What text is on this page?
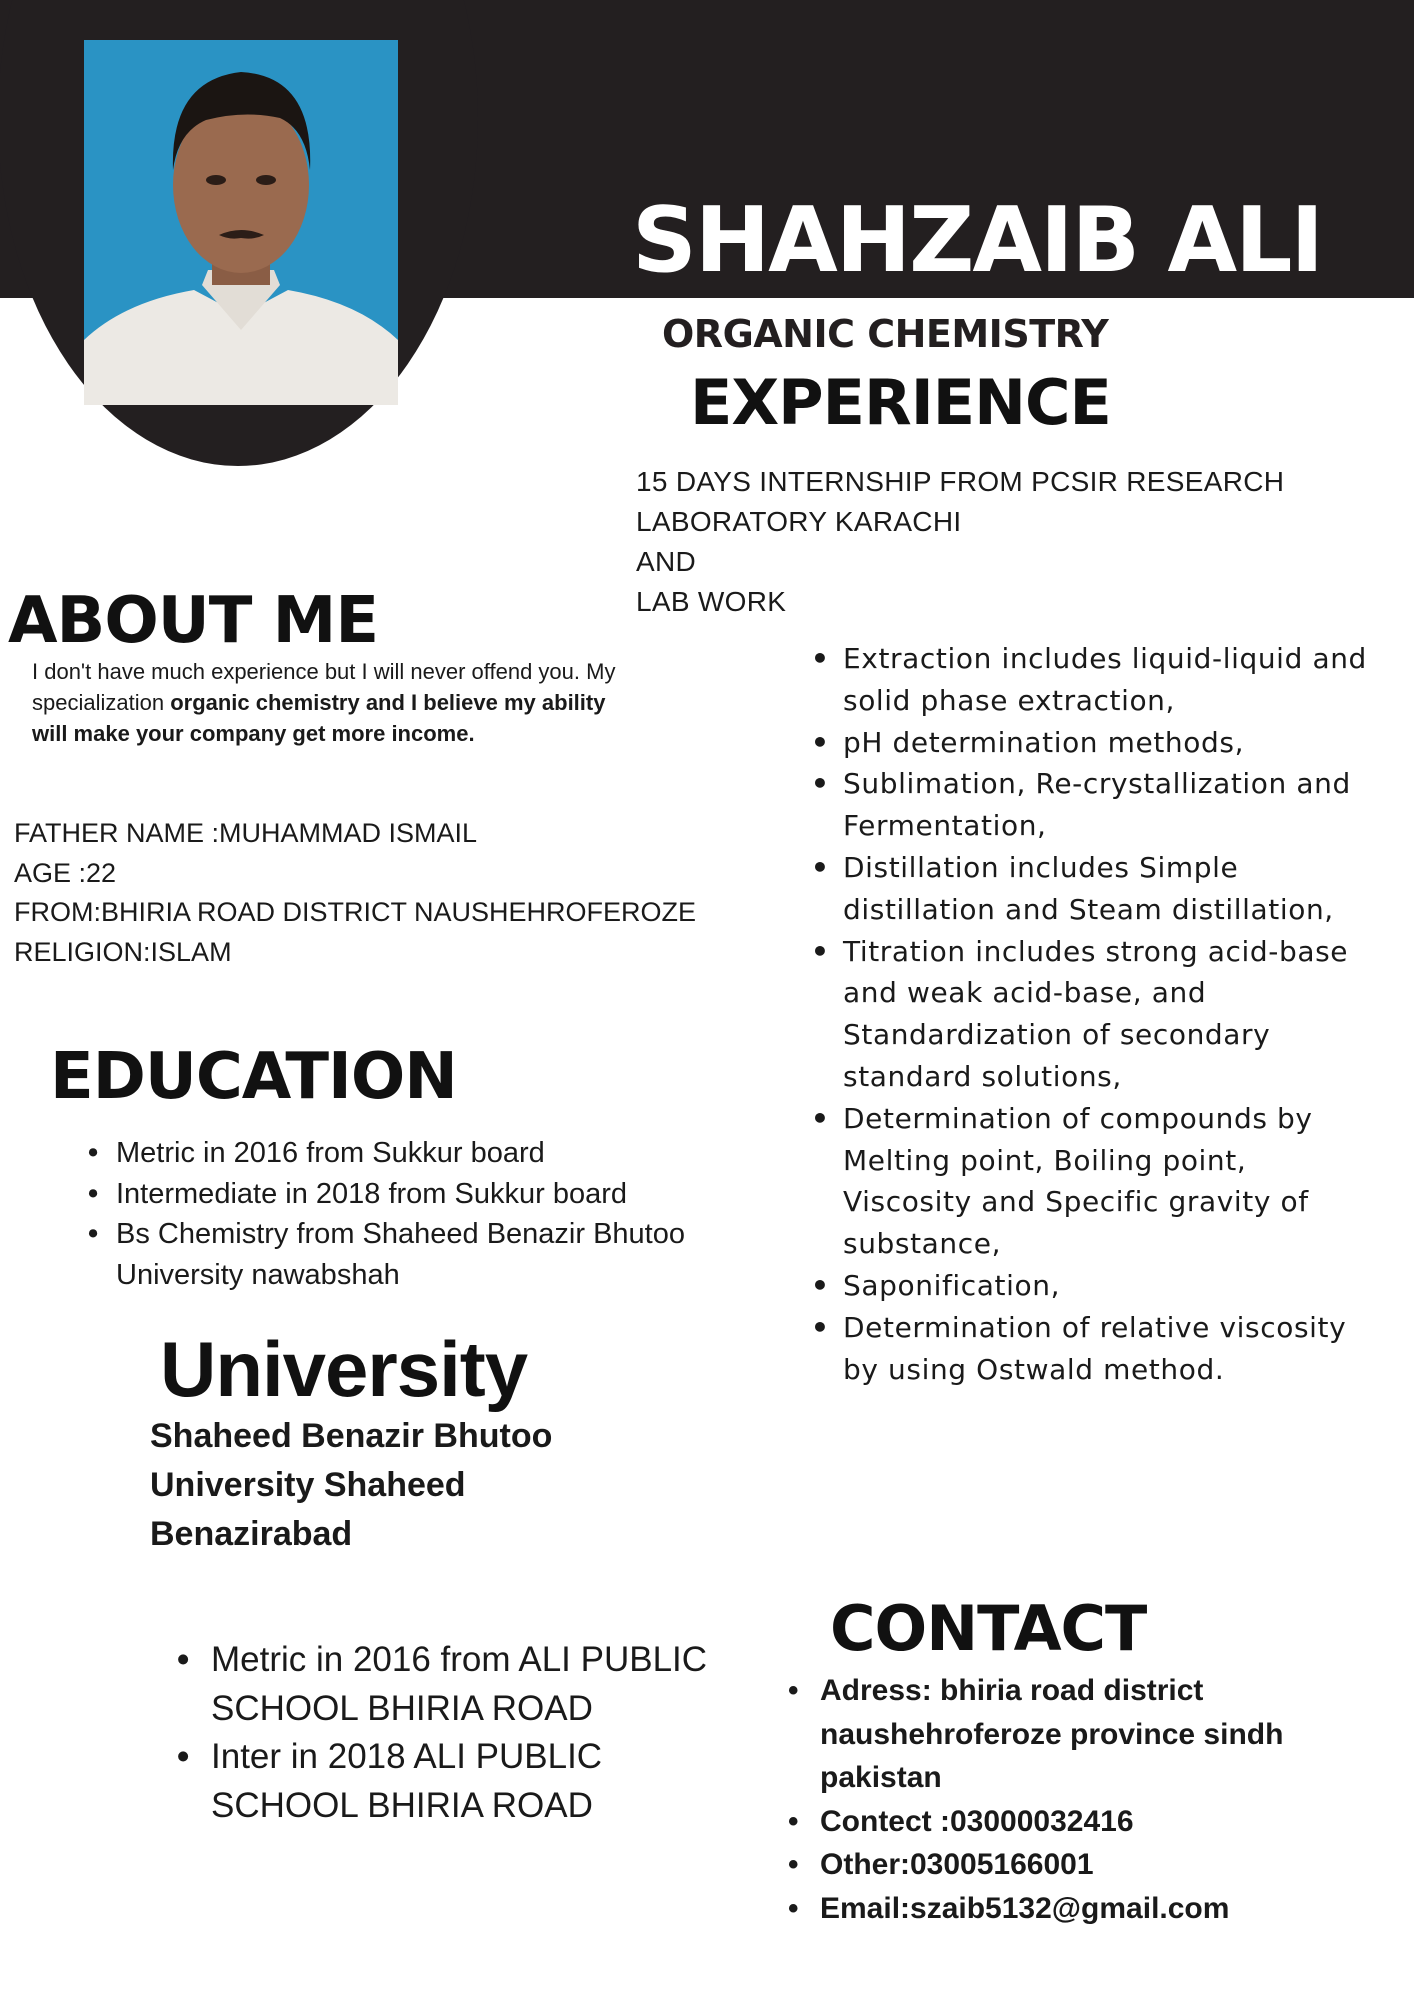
SHAHZAIB ALI
ORGANIC CHEMISTRY
EXPERIENCE
15 DAYS INTERNSHIP FROM PCSIR RESEARCH
LABORATORY KARACHI
AND
LAB WORK
• Extraction includes liquid-liquid and solid phase extraction,
• pH determination methods,
• Sublimation, Re-crystallization and Fermentation,
• Distillation includes Simple distillation and Steam distillation,
• Titration includes strong acid-base and weak acid-base, and Standardization of secondary standard solutions,
• Determination of compounds by Melting point, Boiling point, Viscosity and Specific gravity of substance,
• Saponification,
• Determination of relative viscosity by using Ostwald method.
ABOUT ME

I don't have much experience but I will never offend you. My specialization organic chemistry and I believe my ability will make your company get more income.

FATHER NAME :MUHAMMAD ISMAIL
AGE :22
FROM:BHIRIA ROAD DISTRICT NAUSHEHROFEROZE
RELIGION:ISLAM
EDUCATION
• Metric in 2016 from Sukkur board
• Intermediate in 2018 from Sukkur board
• Bs Chemistry from Shaheed Benazir Bhutoo University nawabshah
University

Shaheed Benazir Bhutoo University Shaheed Benazirabad

• Metric in 2016 from ALI PUBLIC SCHOOL BHIRIA ROAD
• Inter in 2018 ALI PUBLIC SCHOOL BHIRIA ROAD
CONTACT
• Adress: bhiria road district naushehroferoze province sindh pakistan
• Contect :03000032416
• Other:03005166001
• Email:szaib5132@gmail.com
